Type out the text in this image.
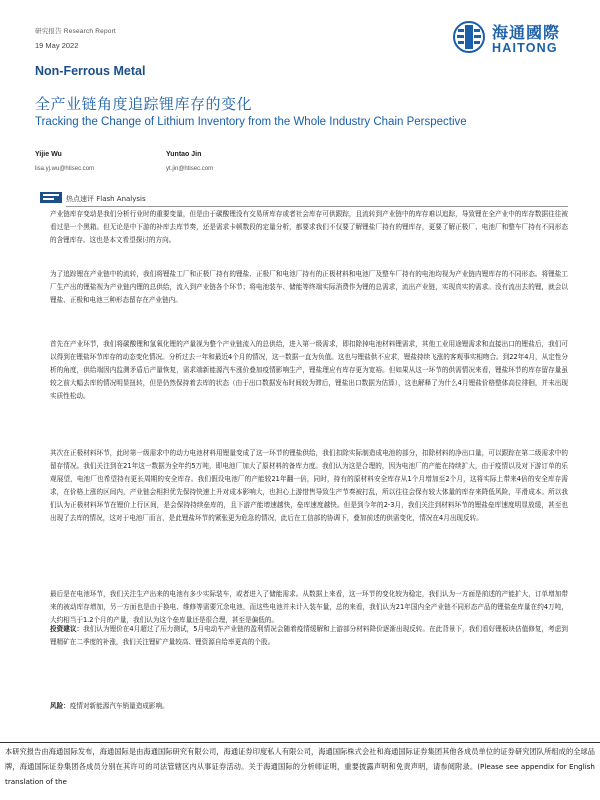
研究报告 Research Report
19 May 2022
海通國際
HAITONG
Non-Ferrous Metal
全产业链角度追踪锂库存的变化
Tracking the Change of Lithium Inventory from the Whole Industry Chain Perspective
Yijie Wu
lisa.yj.wu@htisec.com
Yuntao Jin
yt.jin@htisec.com
热点速评 Flash Analysis
产业链库存变动是我们分析行业时的重要变量，但是由于碳酸锂没有交易所库存或者社会库存可供跟踪，且流转到产业链中的库存难以追踪，导致锂在全产业中的库存数据往往被看过是一个黑箱。但无论是中下游的补库去库节奏，还是需求卡顿数段的定量分析，都要求我们不仅要了解锂盐厂持有的锂库存，更要了解正极厂、电池厂和整车厂持有不同形态的含锂库存。这也是本文希望探讨的方向。
为了追踪锂在产业链中的流转，我们将锂盐工厂和正极厂持有的锂盐、正极厂和电池厂持有的正极材料和电池厂及整车厂持有的电池均视为产业链内锂库存的不同形态。将锂盐工厂生产出的锂盐视为产业链内锂的总供给，流入到产业链各个环节；将电池装车、储能等终端实际消费作为锂的总需求，流出产业链，实现真实的需求。没有流出去的锂，就会以锂盐、正极和电池三种形态留存在产业链内。
首先在产业环节，我们将碳酸锂和氢氧化锂的产量视为整个产业链流入的总供给，进入第一级需求，即扣除掉电池材料锂需求，其他工业用途锂需求和直接出口的锂盐后，我们可以得到在锂盐环节库存的动态变化情况。分析过去一年和最近4个月的情况，这一数据一直为负值。这也与锂盐供不应求，锂盐持续飞涨的客观事实相吻合。到22年4月，从定性分析的角度，供给端因内监测矛盾后产量恢复，需求端新能源汽车涨价叠加疫情影响生产，锂盐理应有库存更为宽裕。但如果从这一环节的供需情况来看，锂盐环节的库存留存量虽较之前大幅去库的情况明显扭转，但是仍然保持着去库的状态（由于出口数据发布时间较为滞后，锂盐出口数据为估算），这也解释了为什么4月锂盐价格整体高位徘徊，并未出现实质性松动。
其次在正极材料环节，此时第一级需求中的动力电池材料用锂量变成了这一环节的锂盐供给，我们扣除实际制造成电池的部分，扣除材料的净出口量，可以跟踪在第二级需求中的留存情况。我们关注到在21年这一数据为全年约5万吨，即电池厂加大了原材料的备库力度。我们认为这是合理的，因为电池厂的产能在持续扩大，由于疫情以及对下游订单的乐观展望，电池厂也希望持有更长周期的安全库存。我们假设电池厂的产能较21年翻一倍，同时，持有的原材料安全库存从1个月增加至2个月，这将实际上带来4倍的安全库存需求，在价格上涨的区间内，产业链会相担优先保持快速上升对成本影响大，也担心上游惜售导致生产节奏被打乱，所以往往会保有较大体量的库存来降低风险，平滑成本。所以我们认为正极材料环节在锂价上行区间，是会保持持续垒库的，且下游产能增速越快，垒库速度越快。但是到今年的2-3月，我们关注到材料环节的锂盐垒库速度明显放缓，甚至也出现了去库的情况，这对于电池厂而言，是此锂盐环节的紧张更为危急的情况，此后在工信部的协调下，叠加前述的供需变化，情况在4月出现反转。
最后是在电池环节，我们关注生产出来的电池有多少实际装车，或者进入了储能需求。从数据上来看，这一环节的变化较为稳定，我们认为一方面是前述的产能扩大，订单增加带来的被动库存增加，另一方面也是由于换电、维修等需要冗余电池，而这些电池并未计入装车量，总的来看，我们认为21年国内全产业链不同形态产品的锂盐垒库量在约4万吨，大约相当于1.2个月的产量，我们认为这个垒库量还是很合理，甚至是偏低的。
投资建议：我们认为锂价在4月超过了压力测试，5月电动车产业链的盈利情况会随着疫情缓解和上游部分材料降价逐渐出现反转。在此背景下，我们看好锂板块估值修复，考虑到锂精矿在二季度的补涨，我们关注锂矿产量较高、锂资源自给率更高的个股。
风险：疫情对新能源汽车销量造成影响。
本研究报告由海通国际发布，海通国际是由海通国际研究有限公司，海通证券印度私人有限公司，海通国际株式会社和海通国际证券集团其他各成员单位的证券研究团队所组成的全球品牌，海通国际证券集团各成员分别在其许可的司法管辖区内从事证券活动。关于海通国际的分析师证明，重要披露声明和免责声明，请参阅附录。(Please see appendix for English translation of the
